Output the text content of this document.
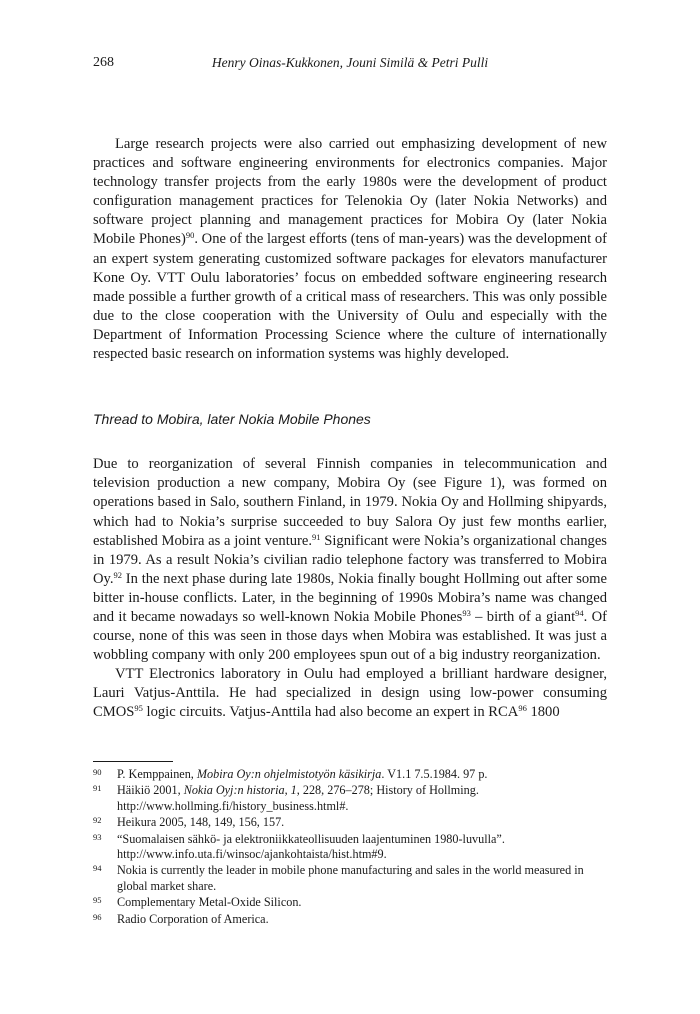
268	Henry Oinas-Kukkonen, Jouni Similä & Petri Pulli

Large research projects were also carried out emphasizing development of new practices and software engineering environments for electronics companies. Major technology transfer projects from the early 1980s were the development of product configuration management practices for Telenokia Oy (later Nokia Networks) and software project planning and management practices for Mobira Oy (later Nokia Mobile Phones)$^{90}$. One of the largest efforts (tens of man-years) was the development of an expert system generating customized software packages for elevators manufacturer Kone Oy. VTT Oulu laboratories’ focus on embedded software engineering research made possible a further growth of a critical mass of researchers. This was only possible due to the close cooperation with the University of Oulu and especially with the Department of Information Processing Science where the culture of internationally respected basic research on information systems was highly developed.

Thread to Mobira, later Nokia Mobile Phones

Due to reorganization of several Finnish companies in telecommunication and television production a new company, Mobira Oy (see Figure 1), was formed on operations based in Salo, southern Finland, in 1979. Nokia Oy and Hollming shipyards, which had to Nokia’s surprise succeeded to buy Salora Oy just few months earlier, established Mobira as a joint venture.$^{91}$ Significant were Nokia’s organizational changes in 1979. As a result Nokia’s civilian radio telephone factory was transferred to Mobira Oy.$^{92}$ In the next phase during late 1980s, Nokia finally bought Hollming out after some bitter in-house conflicts. Later, in the beginning of 1990s Mobira’s name was changed and it became nowadays so well-known Nokia Mobile Phones$^{93}$ – birth of a giant$^{94}$. Of course, none of this was seen in those days when Mobira was established. It was just a wobbling company with only 200 employees spun out of a big industry reorganization.

VTT Electronics laboratory in Oulu had employed a brilliant hardware designer, Lauri Vatjus-Anttila. He had specialized in design using low-power consuming CMOS$^{95}$ logic circuits. Vatjus-Anttila had also become an expert in RCA$^{96}$ 1800

90 P. Kemppainen, Mobira Oy:n ohjelmistotyön käsikirja. V1.1 7.5.1984. 97 p.
91 Häikiö 2001, Nokia Oyj:n historia, 1, 228, 276–278; History of Hollming. http://www.hollming.fi/history_business.html#.
92 Heikura 2005, 148, 149, 156, 157.
93 “Suomalaisen sähkö- ja elektroniikkateollisuuden laajentuminen 1980-luvulla”. http://www.info.uta.fi/winsoc/ajankohtaista/hist.htm#9.
94 Nokia is currently the leader in mobile phone manufacturing and sales in the world measured in global market share.
95 Complementary Metal-Oxide Silicon.
96 Radio Corporation of America.
